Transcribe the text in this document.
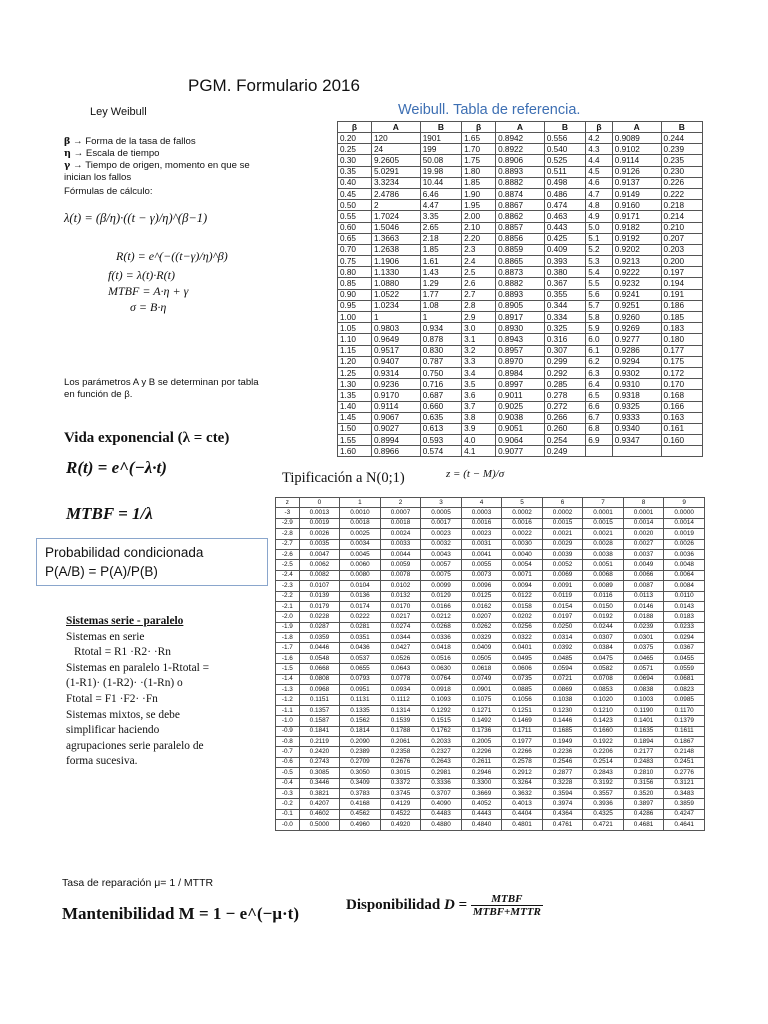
PGM. Formulario 2016
Ley Weibull	Weibull. Tabla de referencia.
β → Forma de la tasa de fallos
η → Escala de tiempo
γ → Tiempo de origen, momento en que se inician los fallos
Fórmulas de cálculo:
λ(t) = (β/η)·((t − γ)/η)^(β−1)
R(t) = e^(−((t−γ)/η)^β)
f(t) = λ(t)·R(t)
MTBF = A·η + γ
σ = B·η
Los parámetros A y B se determinan por tabla en función de β.
Vida exponencial (λ = cte)
R(t) = e^(−λ·t)
MTBF = 1/λ
Probabilidad condicionada
P(A/B) = P(A)/P(B)
Sistemas serie - paralelo
Sistemas en serie
Rtotal = R1 ·R2· ·Rn
Sistemas en paralelo 1-Rtotal =
(1-R1)· (1-R2)· ·(1-Rn) o
Ftotal = F1 ·F2· ·Fn
Sistemas mixtos, se debe
simplificar haciendo
agrupaciones serie paralelo de
forma sucesiva.
Tipificación a N(0;1)	z = (t − M)/σ
β	A	B	β	A	B	β	A	B
0.20	120	1901	1.65	0.8942	0.556	4.2	0.9089	0.244
0.25	24	199	1.70	0.8922	0.540	4.3	0.9102	0.239
0.30	9.2605	50.08	1.75	0.8906	0.525	4.4	0.9114	0.235
0.35	5.0291	19.98	1.80	0.8893	0.511	4.5	0.9126	0.230
0.40	3.3234	10.44	1.85	0.8882	0.498	4.6	0.9137	0.226
0.45	2.4786	6.46	1.90	0.8874	0.486	4.7	0.9149	0.222
0.50	2	4.47	1.95	0.8867	0.474	4.8	0.9160	0.218
0.55	1.7024	3.35	2.00	0.8862	0.463	4.9	0.9171	0.214
0.60	1.5046	2.65	2.10	0.8857	0.443	5.0	0.9182	0.210
0.65	1.3663	2.18	2.20	0.8856	0.425	5.1	0.9192	0.207
0.70	1.2638	1.85	2.3	0.8859	0.409	5.2	0.9202	0.203
0.75	1.1906	1.61	2.4	0.8865	0.393	5.3	0.9213	0.200
0.80	1.1330	1.43	2.5	0.8873	0.380	5.4	0.9222	0.197
0.85	1.0880	1.29	2.6	0.8882	0.367	5.5	0.9232	0.194
0.90	1.0522	1.77	2.7	0.8893	0.355	5.6	0.9241	0.191
0.95	1.0234	1.08	2.8	0.8905	0.344	5.7	0.9251	0.186
1.00	1	1	2.9	0.8917	0.334	5.8	0.9260	0.185
1.05	0.9803	0.934	3.0	0.8930	0.325	5.9	0.9269	0.183
1.10	0.9649	0.878	3.1	0.8943	0.316	6.0	0.9277	0.180
1.15	0.9517	0.830	3.2	0.8957	0.307	6.1	0.9286	0.177
1.20	0.9407	0.787	3.3	0.8970	0.299	6.2	0.9294	0.175
1.25	0.9314	0.750	3.4	0.8984	0.292	6.3	0.9302	0.172
1.30	0.9236	0.716	3.5	0.8997	0.285	6.4	0.9310	0.170
1.35	0.9170	0.687	3.6	0.9011	0.278	6.5	0.9318	0.168
1.40	0.9114	0.660	3.7	0.9025	0.272	6.6	0.9325	0.166
1.45	0.9067	0.635	3.8	0.9038	0.266	6.7	0.9333	0.163
1.50	0.9027	0.613	3.9	0.9051	0.260	6.8	0.9340	0.161
1.55	0.8994	0.593	4.0	0.9064	0.254	6.9	0.9347	0.160
1.60	0.8966	0.574	4.1	0.9077	0.249			
z	0	1	2	3	4	5	6	7	8	9
-3	0.0013	0.0010	0.0007	0.0005	0.0003	0.0002	0.0002	0.0001	0.0001	0.0000
-2.9	0.0019	0.0018	0.0018	0.0017	0.0016	0.0016	0.0015	0.0015	0.0014	0.0014
-2.8	0.0026	0.0025	0.0024	0.0023	0.0023	0.0022	0.0021	0.0021	0.0020	0.0019
-2.7	0.0035	0.0034	0.0033	0.0032	0.0031	0.0030	0.0029	0.0028	0.0027	0.0026
-2.6	0.0047	0.0045	0.0044	0.0043	0.0041	0.0040	0.0039	0.0038	0.0037	0.0036
-2.5	0.0062	0.0060	0.0059	0.0057	0.0055	0.0054	0.0052	0.0051	0.0049	0.0048
-2.4	0.0082	0.0080	0.0078	0.0075	0.0073	0.0071	0.0069	0.0068	0.0066	0.0064
-2.3	0.0107	0.0104	0.0102	0.0099	0.0096	0.0094	0.0091	0.0089	0.0087	0.0084
-2.2	0.0139	0.0136	0.0132	0.0129	0.0125	0.0122	0.0119	0.0116	0.0113	0.0110
-2.1	0.0179	0.0174	0.0170	0.0166	0.0162	0.0158	0.0154	0.0150	0.0146	0.0143
-2.0	0.0228	0.0222	0.0217	0.0212	0.0207	0.0202	0.0197	0.0192	0.0188	0.0183
-1.9	0.0287	0.0281	0.0274	0.0268	0.0262	0.0256	0.0250	0.0244	0.0239	0.0233
-1.8	0.0359	0.0351	0.0344	0.0336	0.0329	0.0322	0.0314	0.0307	0.0301	0.0294
-1.7	0.0446	0.0436	0.0427	0.0418	0.0409	0.0401	0.0392	0.0384	0.0375	0.0367
-1.6	0.0548	0.0537	0.0526	0.0516	0.0505	0.0495	0.0485	0.0475	0.0465	0.0455
-1.5	0.0668	0.0655	0.0643	0.0630	0.0618	0.0606	0.0594	0.0582	0.0571	0.0559
-1.4	0.0808	0.0793	0.0778	0.0764	0.0749	0.0735	0.0721	0.0708	0.0694	0.0681
-1.3	0.0968	0.0951	0.0934	0.0918	0.0901	0.0885	0.0869	0.0853	0.0838	0.0823
-1.2	0.1151	0.1131	0.1112	0.1093	0.1075	0.1056	0.1038	0.1020	0.1003	0.0985
-1.1	0.1357	0.1335	0.1314	0.1292	0.1271	0.1251	0.1230	0.1210	0.1190	0.1170
-1.0	0.1587	0.1562	0.1539	0.1515	0.1492	0.1469	0.1446	0.1423	0.1401	0.1379
-0.9	0.1841	0.1814	0.1788	0.1762	0.1736	0.1711	0.1685	0.1660	0.1635	0.1611
-0.8	0.2119	0.2090	0.2061	0.2033	0.2005	0.1977	0.1949	0.1922	0.1894	0.1867
-0.7	0.2420	0.2389	0.2358	0.2327	0.2296	0.2266	0.2236	0.2206	0.2177	0.2148
-0.6	0.2743	0.2709	0.2676	0.2643	0.2611	0.2578	0.2546	0.2514	0.2483	0.2451
-0.5	0.3085	0.3050	0.3015	0.2981	0.2946	0.2912	0.2877	0.2843	0.2810	0.2776
-0.4	0.3446	0.3409	0.3372	0.3336	0.3300	0.3264	0.3228	0.3192	0.3156	0.3121
-0.3	0.3821	0.3783	0.3745	0.3707	0.3669	0.3632	0.3594	0.3557	0.3520	0.3483
-0.2	0.4207	0.4168	0.4129	0.4090	0.4052	0.4013	0.3974	0.3936	0.3897	0.3859
-0.1	0.4602	0.4562	0.4522	0.4483	0.4443	0.4404	0.4364	0.4325	0.4286	0.4247
-0.0	0.5000	0.4960	0.4920	0.4880	0.4840	0.4801	0.4761	0.4721	0.4681	0.4641
Tasa de reparación μ= 1 / MTTR
Mantenibilidad M = 1 − e^(−μ·t)	Disponibilidad $D = \frac{\text{MTBF}}{\text{MTBF+MTTR}}$
